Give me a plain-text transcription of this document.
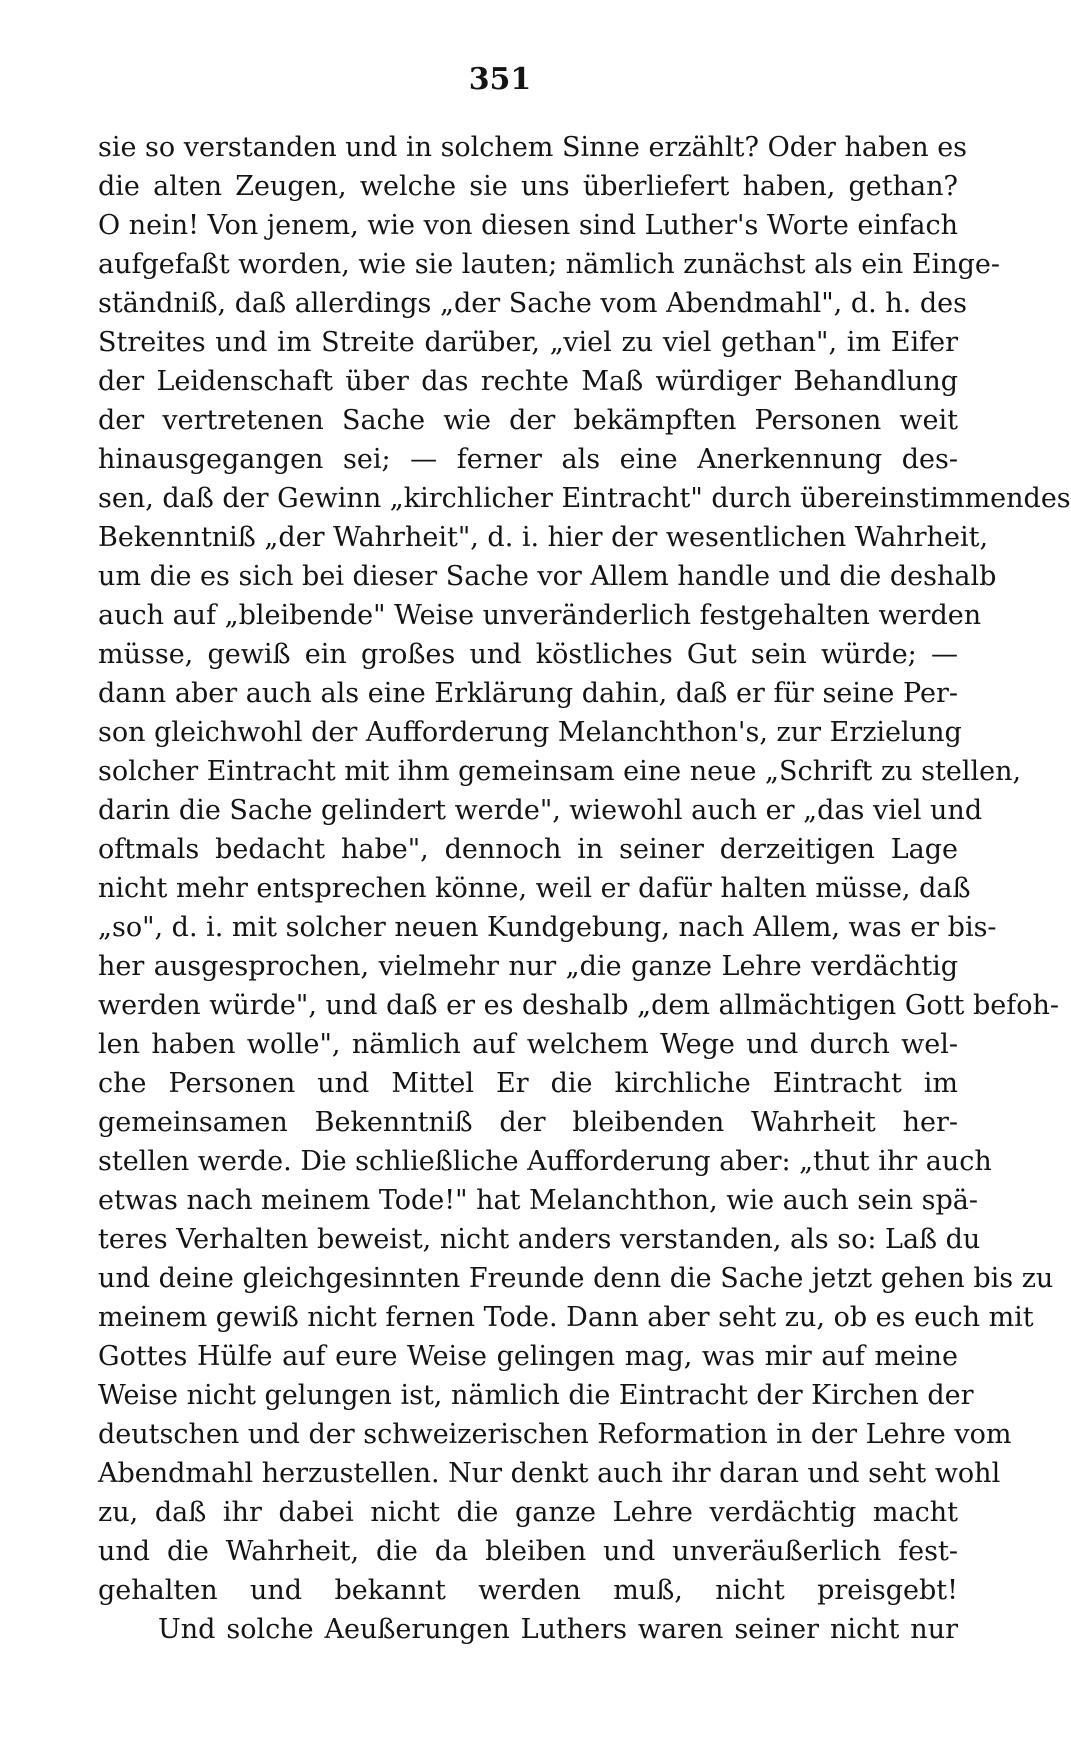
351
sie so verstanden und in solchem Sinne erzählt? Oder haben es
die alten Zeugen, welche sie uns überliefert haben, gethan?
O nein! Von jenem, wie von diesen sind Luther's Worte einfach
aufgefaßt worden, wie sie lauten; nämlich zunächst als ein Einge-
ständniß, daß allerdings „der Sache vom Abendmahl", d. h. des
Streites und im Streite darüber, „viel zu viel gethan", im Eifer
der Leidenschaft über das rechte Maß würdiger Behandlung
der vertretenen Sache wie der bekämpften Personen weit
hinausgegangen sei; — ferner als eine Anerkennung des-
sen, daß der Gewinn „kirchlicher Eintracht" durch übereinstimmendes
Bekenntniß „der Wahrheit", d. i. hier der wesentlichen Wahrheit,
um die es sich bei dieser Sache vor Allem handle und die deshalb
auch auf „bleibende" Weise unveränderlich festgehalten werden
müsse, gewiß ein großes und köstliches Gut sein würde; —
dann aber auch als eine Erklärung dahin, daß er für seine Per-
son gleichwohl der Aufforderung Melanchthon's, zur Erzielung
solcher Eintracht mit ihm gemeinsam eine neue „Schrift zu stellen,
darin die Sache gelindert werde", wiewohl auch er „das viel und
oftmals bedacht habe", dennoch in seiner derzeitigen Lage
nicht mehr entsprechen könne, weil er dafür halten müsse, daß
„so", d. i. mit solcher neuen Kundgebung, nach Allem, was er bis-
her ausgesprochen, vielmehr nur „die ganze Lehre verdächtig
werden würde", und daß er es deshalb „dem allmächtigen Gott befoh-
len haben wolle", nämlich auf welchem Wege und durch wel-
che Personen und Mittel Er die kirchliche Eintracht im
gemeinsamen Bekenntniß der bleibenden Wahrheit her-
stellen werde. Die schließliche Aufforderung aber: „thut ihr auch
etwas nach meinem Tode!" hat Melanchthon, wie auch sein spä-
teres Verhalten beweist, nicht anders verstanden, als so: Laß du
und deine gleichgesinnten Freunde denn die Sache jetzt gehen bis zu
meinem gewiß nicht fernen Tode. Dann aber seht zu, ob es euch mit
Gottes Hülfe auf eure Weise gelingen mag, was mir auf meine
Weise nicht gelungen ist, nämlich die Eintracht der Kirchen der
deutschen und der schweizerischen Reformation in der Lehre vom
Abendmahl herzustellen. Nur denkt auch ihr daran und seht wohl
zu, daß ihr dabei nicht die ganze Lehre verdächtig macht
und die Wahrheit, die da bleiben und unveräußerlich fest-
gehalten und bekannt werden muß, nicht preisgebt!
Und solche Aeußerungen Luthers waren seiner nicht nur
